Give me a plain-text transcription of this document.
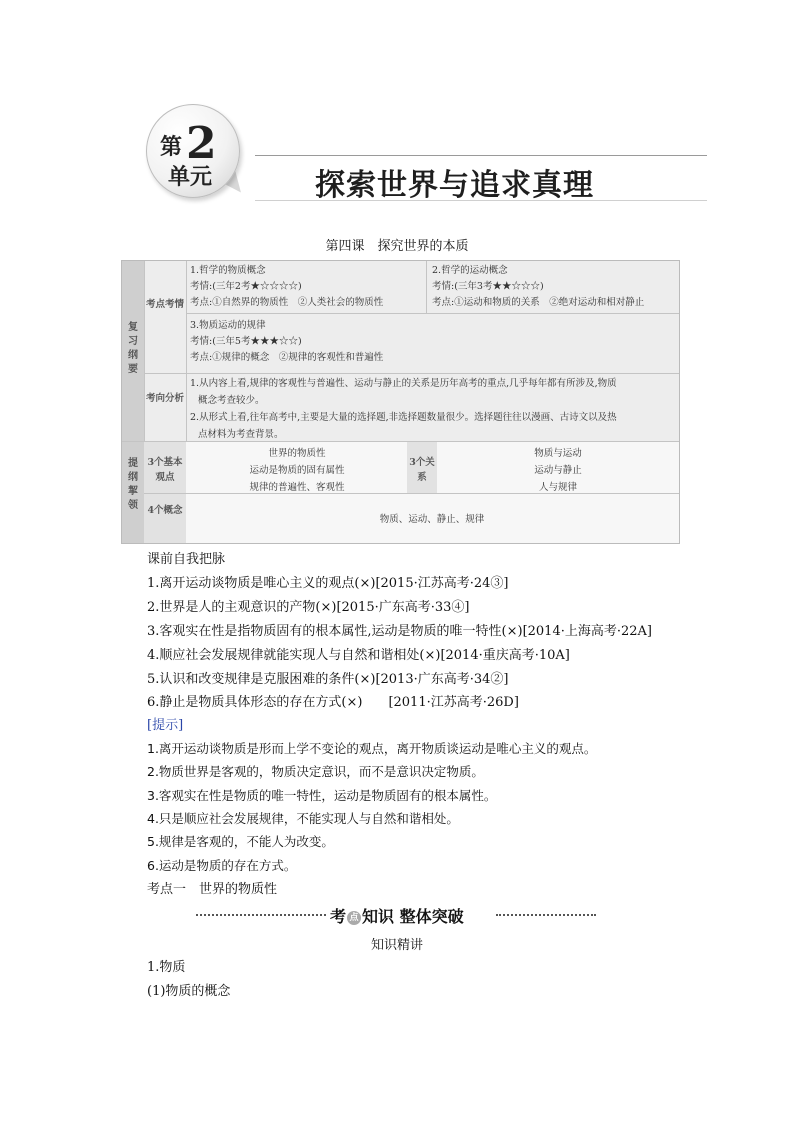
第 2
单元	探索世界与追求真理
第四课　探究世界的本质
复习纲要
提纲挈领
考点考情
考向分析
1.哲学的物质概念
考情:(三年2考★☆☆☆☆)
考点:①自然界的物质性　②人类社会的物质性
2.哲学的运动概念
考情:(三年3考★★☆☆☆)
考点:①运动和物质的关系　②绝对运动和相对静止
3.物质运动的规律
考情:(三年5考★★★☆☆)
考点:①规律的概念　②规律的客观性和普遍性
1.从内容上看,规律的客观性与普遍性、运动与静止的关系是历年高考的重点,几乎每年都有所涉及,物质
概念考查较少。
2.从形式上看,往年高考中,主要是大量的选择题,非选择题数量很少。选择题往往以漫画、古诗文以及热
点材料为考查背景。
3个基本观点
世界的物质性
运动是物质的固有属性
规律的普遍性、客观性
3个关系
物质与运动
运动与静止
人与规律
4个概念
物质、运动、静止、规律
课前自我把脉
1.离开运动谈物质是唯心主义的观点(×)[2015·江苏高考·24③]
2.世界是人的主观意识的产物(×)[2015·广东高考·33④]
3.客观实在性是指物质固有的根本属性,运动是物质的唯一特性(×)[2014·上海高考·22A]
4.顺应社会发展规律就能实现人与自然和谐相处(×)[2014·重庆高考·10A]
5.认识和改变规律是克服困难的条件(×)[2013·广东高考·34②]
6.静止是物质具体形态的存在方式(×)　　[2011·江苏高考·26D]
[提示]
1.离开运动谈物质是形而上学不变论的观点，离开物质谈运动是唯心主义的观点。
2.物质世界是客观的，物质决定意识，而不是意识决定物质。
3.客观实在性是物质的唯一特性，运动是物质固有的根本属性。
4.只是顺应社会发展规律，不能实现人与自然和谐相处。
5.规律是客观的，不能人为改变。
6.运动是物质的存在方式。
考点一　世界的物质性
考 点 知识 整体突破
知识精讲
1.物质
(1)物质的概念
